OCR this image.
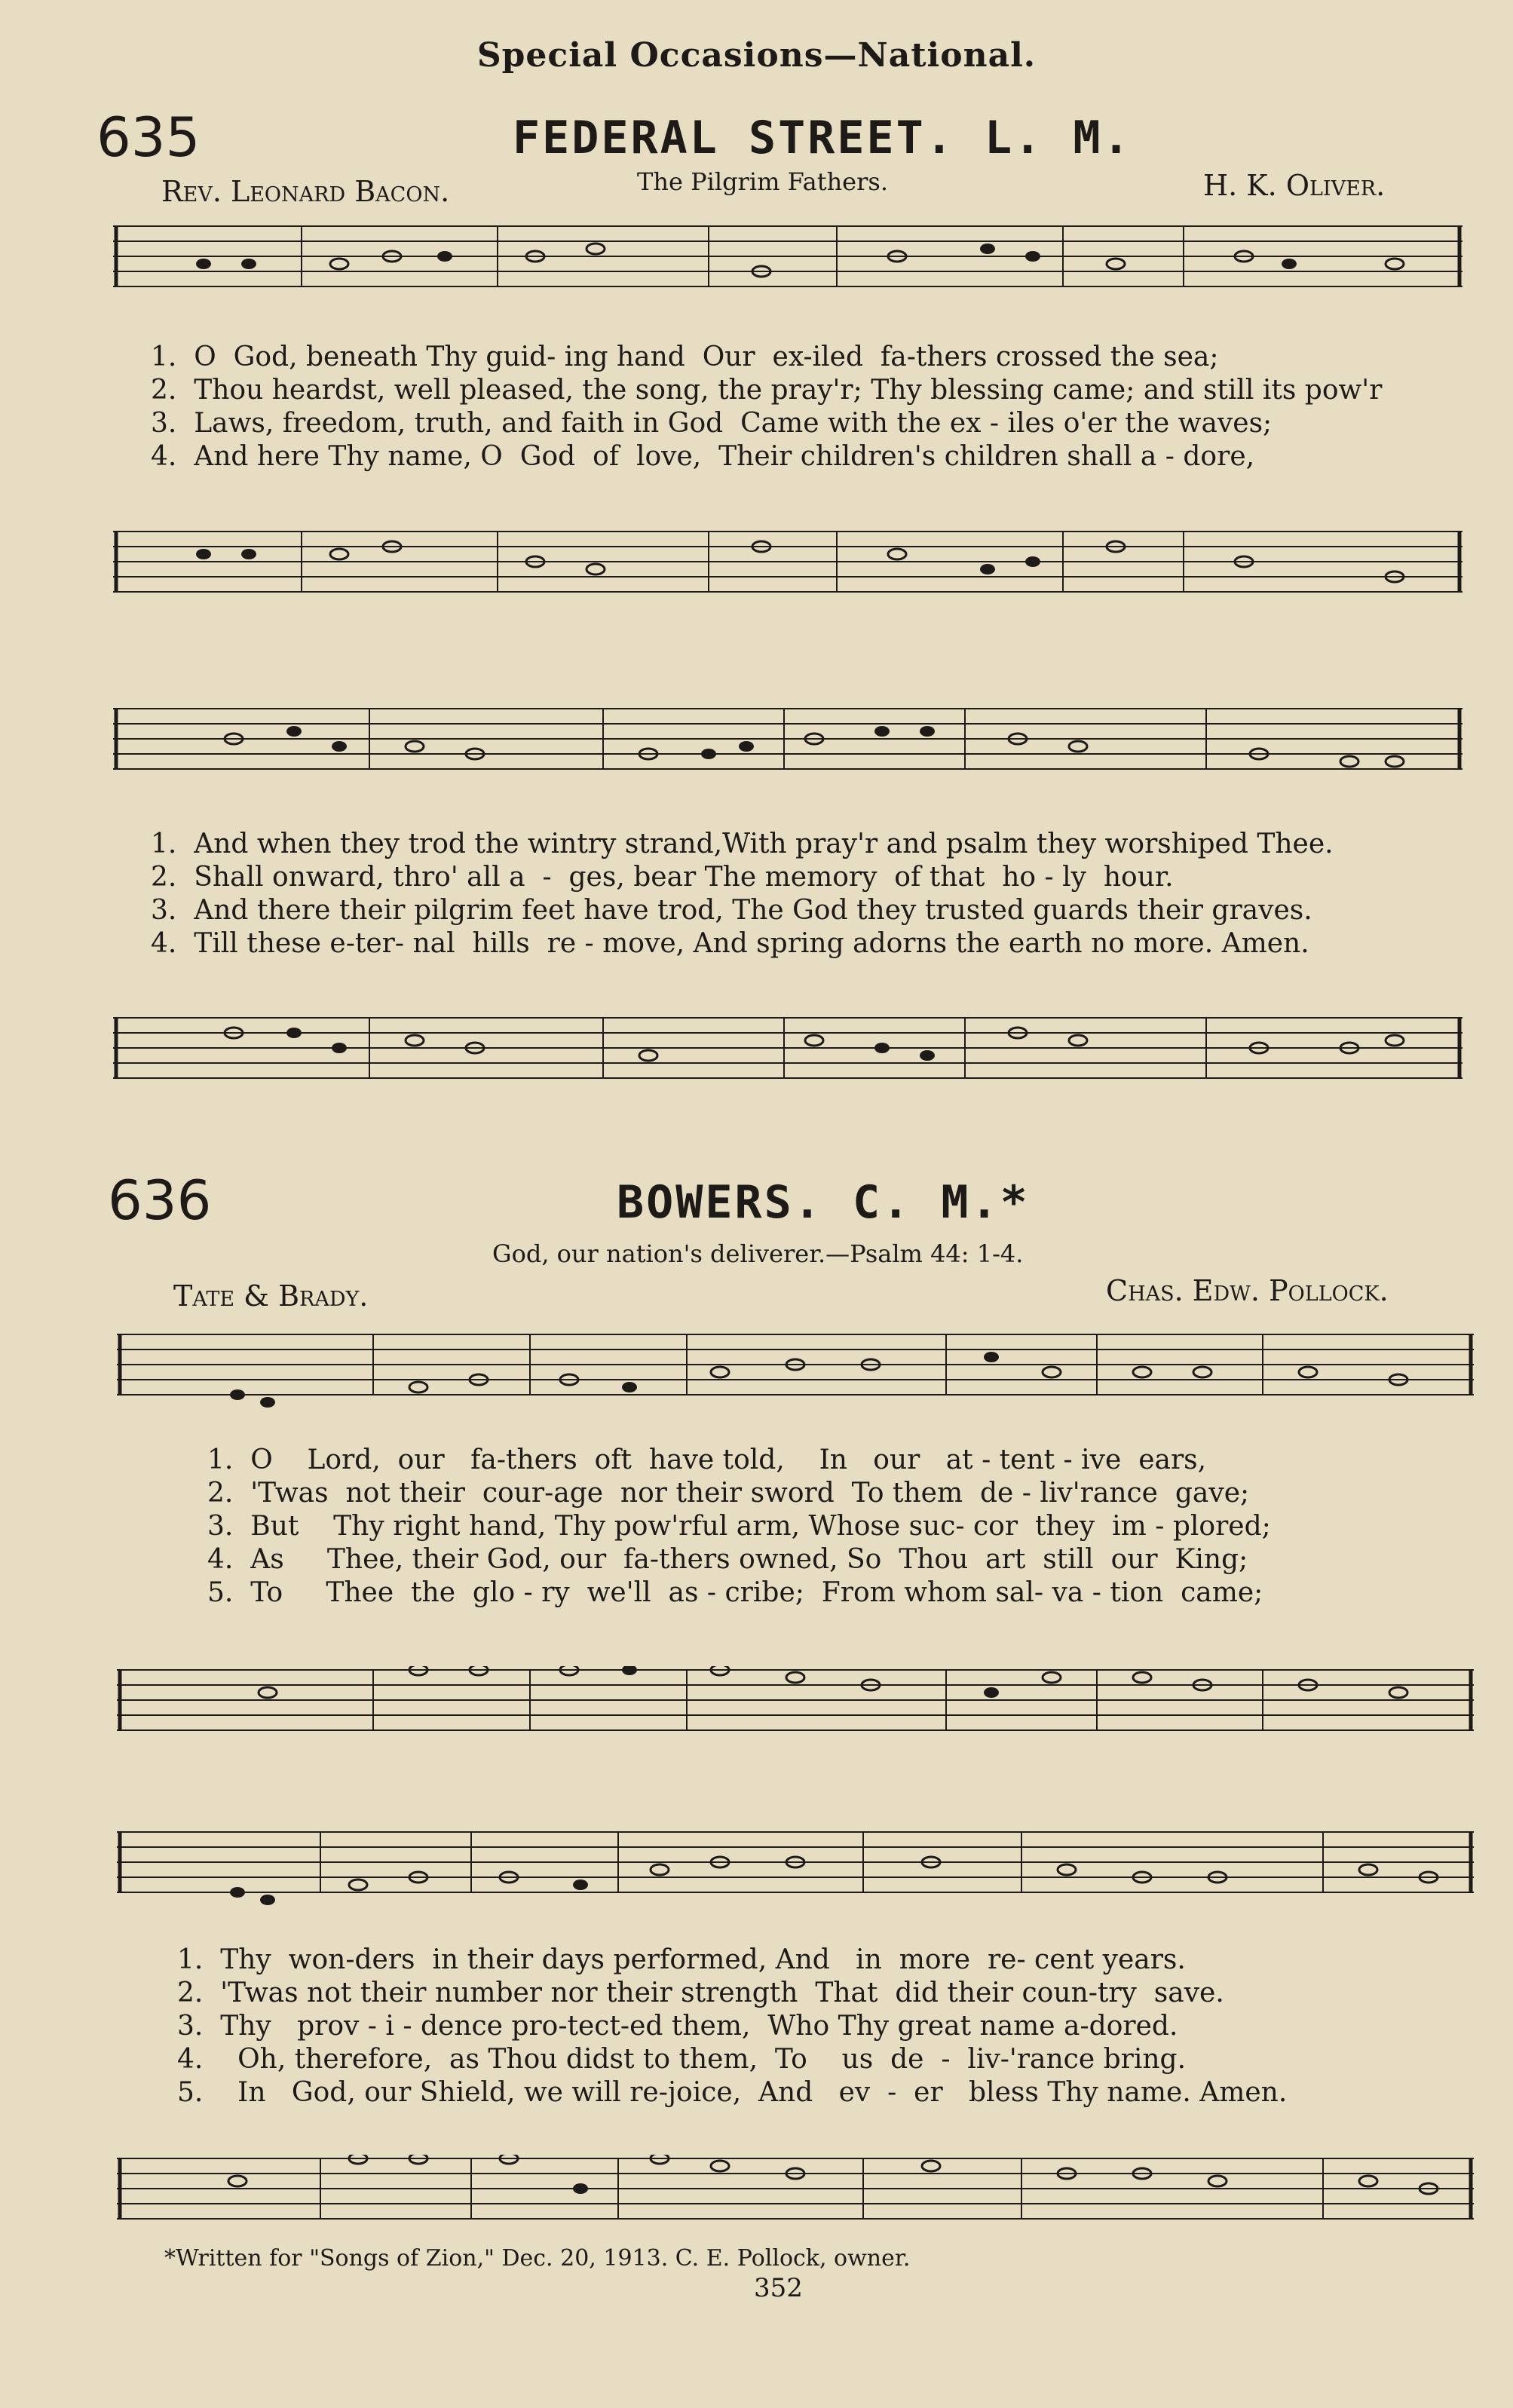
Special Occasions—National.
635	FEDERAL STREET. L. M.
Rev. Leonard Bacon.	The Pilgrim Fathers.	H. K. Oliver.
1.  O  God, beneath Thy guid- ing hand  Our  ex-iled  fa-thers crossed the sea;
2.  Thou heardst, well pleased, the song, the pray'r; Thy blessing came; and still its pow'r
3.  Laws, freedom, truth, and faith in God  Came with the ex - iles o'er the waves;
4.  And here Thy name, O  God  of  love,  Their children's children shall a - dore,
1.  And when they trod the wintry strand,With pray'r and psalm they worshiped Thee.
2.  Shall onward, thro' all a  -  ges, bear The memory  of that  ho - ly  hour.
3.  And there their pilgrim feet have trod, The God they trusted guards their graves.
4.  Till these e-ter- nal  hills  re - move, And spring adorns the earth no more. Amen.
636	BOWERS. C. M.*
God, our nation's deliverer.—Psalm 44: 1-4.
Tate & Brady.	Chas. Edw. Pollock.
1.  O    Lord,  our   fa-thers  oft  have told,    In   our   at - tent - ive  ears,
2.  'Twas  not their  cour-age  nor their sword  To them  de - liv'rance  gave;
3.  But    Thy right hand, Thy pow'rful arm, Whose suc- cor  they  im - plored;
4.  As     Thee, their God, our  fa-thers owned, So  Thou  art  still  our  King;
5.  To     Thee  the  glo - ry  we'll  as - cribe;  From whom sal- va - tion  came;
1.  Thy  won-ders  in their days performed, And   in  more  re- cent years.
2.  'Twas not their number nor their strength  That  did their coun-try  save.
3.  Thy   prov - i - dence pro-tect-ed them,  Who Thy great name a-dored.
4.    Oh, therefore,  as Thou didst to them,  To    us  de  -  liv-'rance bring.
5.    In   God, our Shield, we will re-joice,  And   ev  -  er   bless Thy name. Amen.
*Written for "Songs of Zion," Dec. 20, 1913. C. E. Pollock, owner.
352
